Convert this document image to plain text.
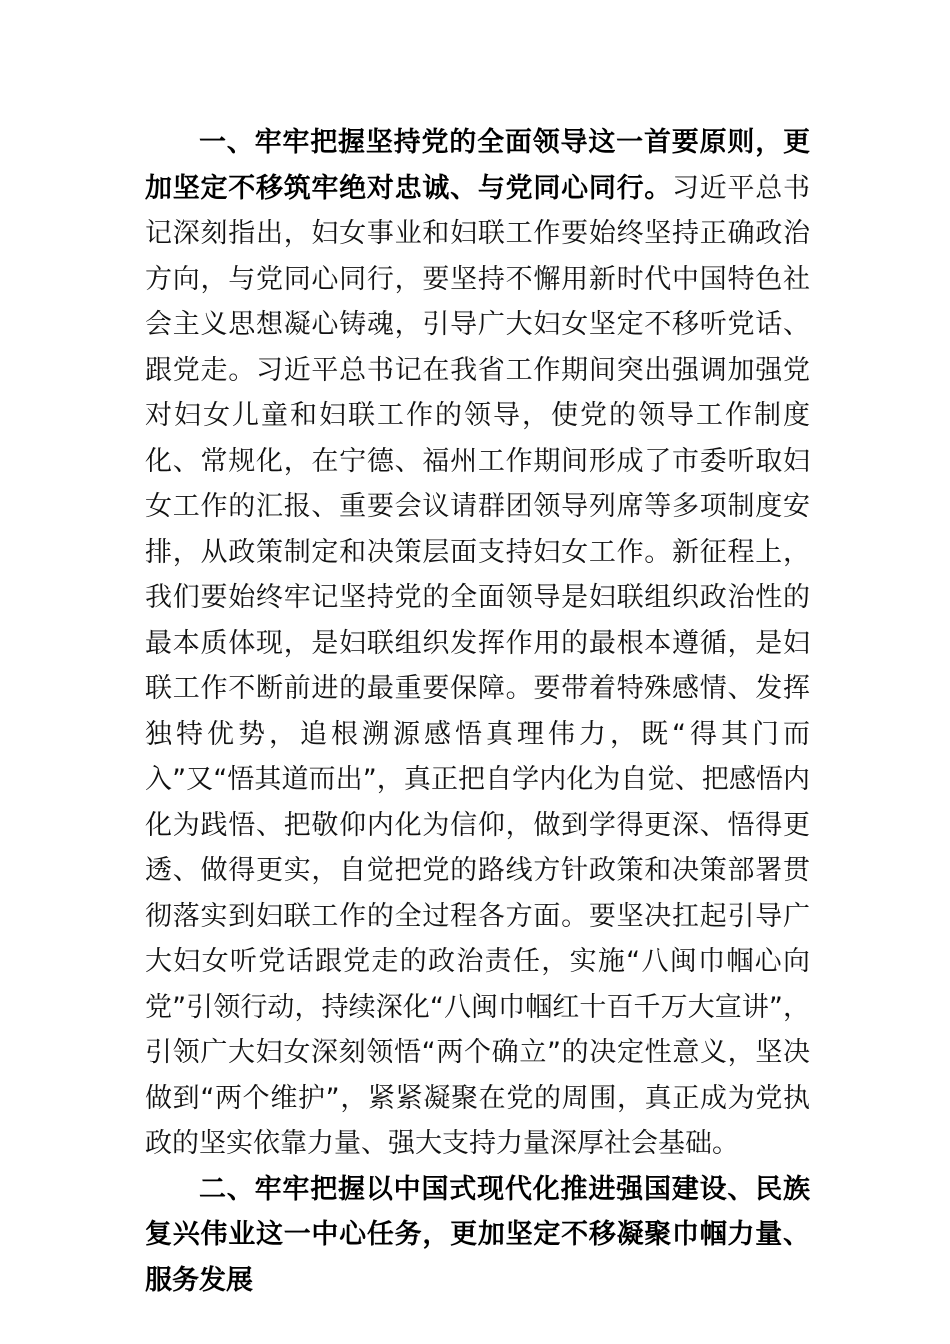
一、牢牢把握坚持党的全面领导这一首要原则，更加坚定不移筑牢绝对忠诚、与党同心同行。习近平总书记深刻指出，妇女事业和妇联工作要始终坚持正确政治方向，与党同心同行，要坚持不懈用新时代中国特色社会主义思想凝心铸魂，引导广大妇女坚定不移听党话、跟党走。习近平总书记在我省工作期间突出强调加强党对妇女儿童和妇联工作的领导，使党的领导工作制度化、常规化，在宁德、福州工作期间形成了市委听取妇女工作的汇报、重要会议请群团领导列席等多项制度安排，从政策制定和决策层面支持妇女工作。新征程上，我们要始终牢记坚持党的全面领导是妇联组织政治性的最本质体现，是妇联组织发挥作用的最根本遵循，是妇联工作不断前进的最重要保障。要带着特殊感情、发挥独特优势，追根溯源感悟真理伟力，既“得其门而入”又“悟其道而出”，真正把自学内化为自觉、把感悟内化为践悟、把敬仰内化为信仰，做到学得更深、悟得更透、做得更实，自觉把党的路线方针政策和决策部署贯彻落实到妇联工作的全过程各方面。要坚决扛起引导广大妇女听党话跟党走的政治责任，实施“八闽巾帼心向党”引领行动，持续深化“八闽巾帼红十百千万大宣讲”，引领广大妇女深刻领悟“两个确立”的决定性意义，坚决做到“两个维护”，紧紧凝聚在党的周围，真正成为党执政的坚实依靠力量、强大支持力量深厚社会基础。

二、牢牢把握以中国式现代化推进强国建设、民族复兴伟业这一中心任务，更加坚定不移凝聚巾帼力量、服务发展
